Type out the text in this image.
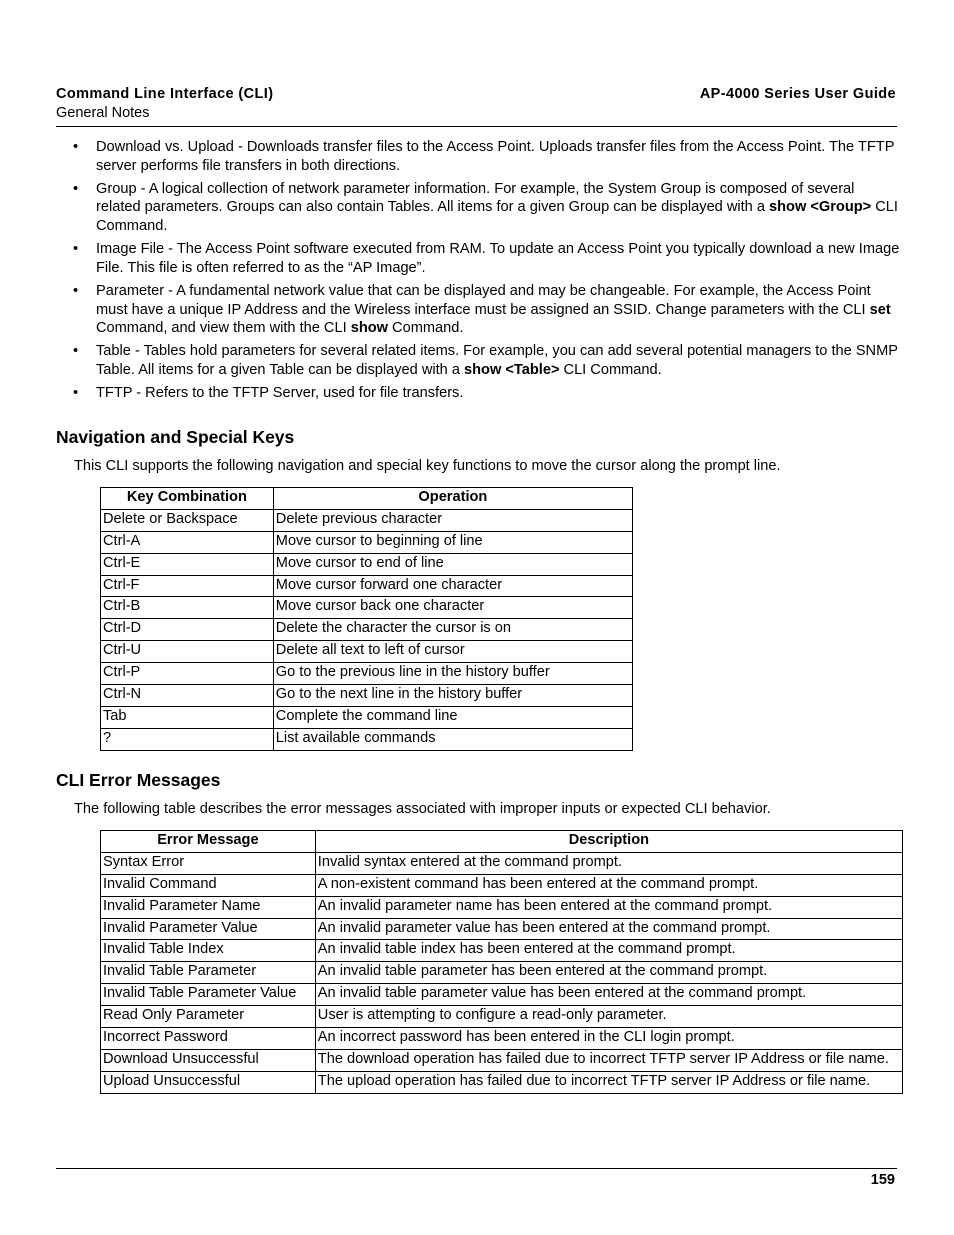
Command Line Interface (CLI)
General Notes
AP-4000 Series User Guide
• Download vs. Upload - Downloads transfer files to the Access Point. Uploads transfer files from the Access Point. The TFTP server performs file transfers in both directions.
• Group - A logical collection of network parameter information. For example, the System Group is composed of several related parameters. Groups can also contain Tables. All items for a given Group can be displayed with a show <Group> CLI Command.
• Image File - The Access Point software executed from RAM. To update an Access Point you typically download a new Image File. This file is often referred to as the “AP Image”.
• Parameter - A fundamental network value that can be displayed and may be changeable. For example, the Access Point must have a unique IP Address and the Wireless interface must be assigned an SSID. Change parameters with the CLI set Command, and view them with the CLI show Command.
• Table - Tables hold parameters for several related items. For example, you can add several potential managers to the SNMP Table. All items for a given Table can be displayed with a show <Table> CLI Command.
• TFTP - Refers to the TFTP Server, used for file transfers.
Navigation and Special Keys
This CLI supports the following navigation and special key functions to move the cursor along the prompt line.
Key Combination	Operation
Delete or Backspace	Delete previous character
Ctrl-A	Move cursor to beginning of line
Ctrl-E	Move cursor to end of line
Ctrl-F	Move cursor forward one character
Ctrl-B	Move cursor back one character
Ctrl-D	Delete the character the cursor is on
Ctrl-U	Delete all text to left of cursor
Ctrl-P	Go to the previous line in the history buffer
Ctrl-N	Go to the next line in the history buffer
Tab	Complete the command line
?	List available commands
CLI Error Messages
The following table describes the error messages associated with improper inputs or expected CLI behavior.
Error Message	Description
Syntax Error	Invalid syntax entered at the command prompt.
Invalid Command	A non-existent command has been entered at the command prompt.
Invalid Parameter Name	An invalid parameter name has been entered at the command prompt.
Invalid Parameter Value	An invalid parameter value has been entered at the command prompt.
Invalid Table Index	An invalid table index has been entered at the command prompt.
Invalid Table Parameter	An invalid table parameter has been entered at the command prompt.
Invalid Table Parameter Value	An invalid table parameter value has been entered at the command prompt.
Read Only Parameter	User is attempting to configure a read-only parameter.
Incorrect Password	An incorrect password has been entered in the CLI login prompt.
Download Unsuccessful	The download operation has failed due to incorrect TFTP server IP Address or file name.
Upload Unsuccessful	The upload operation has failed due to incorrect TFTP server IP Address or file name.
159
